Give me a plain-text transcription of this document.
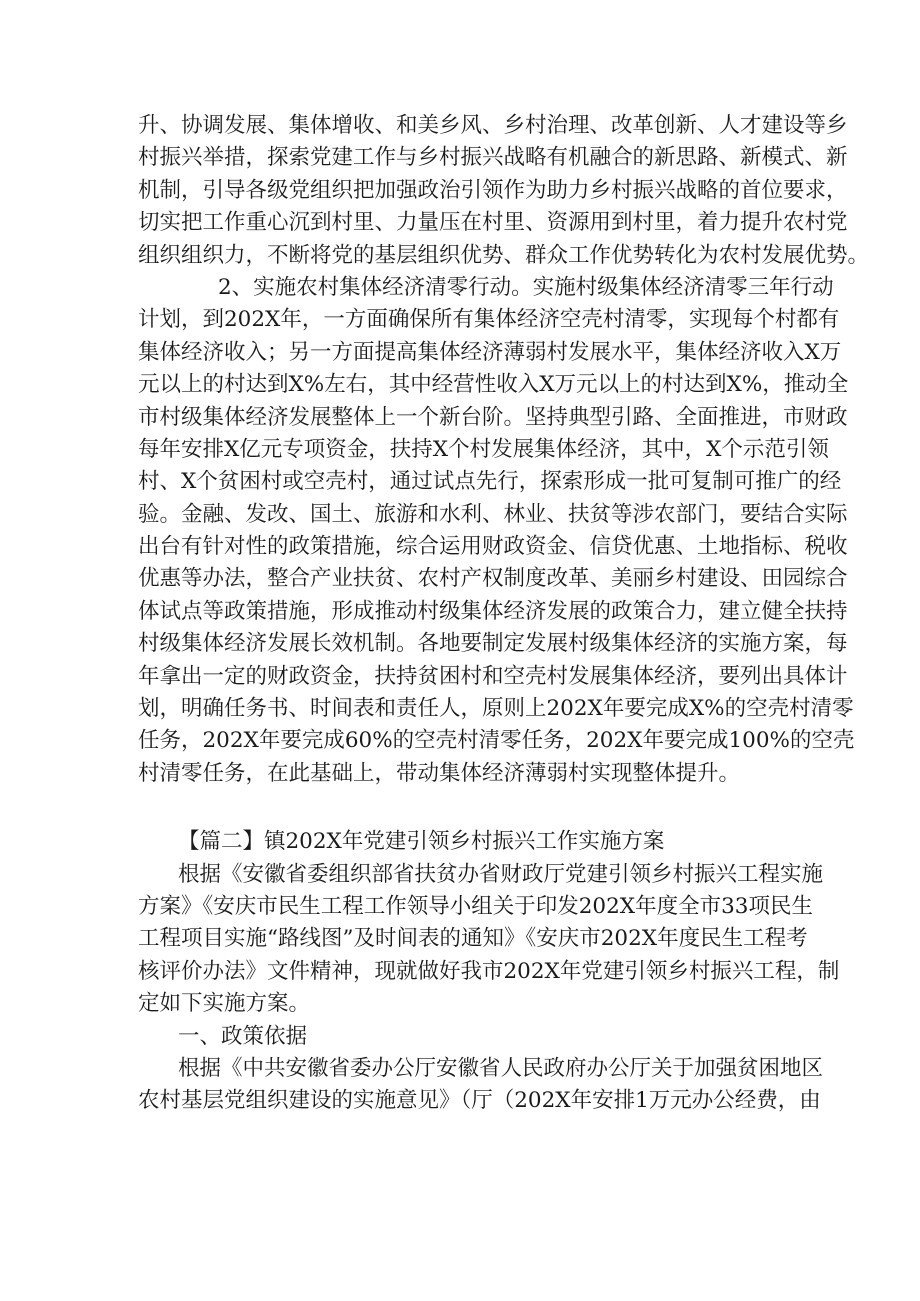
升、协调发展、集体增收、和美乡风、乡村治理、改革创新、人才建设等乡
村振兴举措，探索党建工作与乡村振兴战略有机融合的新思路、新模式、新
机制，引导各级党组织把加强政治引领作为助力乡村振兴战略的首位要求，
切实把工作重心沉到村里、力量压在村里、资源用到村里，着力提升农村党
组织组织力，不断将党的基层组织优势、群众工作优势转化为农村发展优势。
2、实施农村集体经济清零行动。实施村级集体经济清零三年行动
计划，到202X年，一方面确保所有集体经济空壳村清零，实现每个村都有
集体经济收入；另一方面提高集体经济薄弱村发展水平，集体经济收入X万
元以上的村达到X%左右，其中经营性收入X万元以上的村达到X%，推动全
市村级集体经济发展整体上一个新台阶。坚持典型引路、全面推进，市财政
每年安排X亿元专项资金，扶持X个村发展集体经济，其中，X个示范引领
村、X个贫困村或空壳村，通过试点先行，探索形成一批可复制可推广的经
验。金融、发改、国土、旅游和水利、林业、扶贫等涉农部门，要结合实际
出台有针对性的政策措施，综合运用财政资金、信贷优惠、土地指标、税收
优惠等办法，整合产业扶贫、农村产权制度改革、美丽乡村建设、田园综合
体试点等政策措施，形成推动村级集体经济发展的政策合力，建立健全扶持
村级集体经济发展长效机制。各地要制定发展村级集体经济的实施方案，每
年拿出一定的财政资金，扶持贫困村和空壳村发展集体经济，要列出具体计
划，明确任务书、时间表和责任人，原则上202X年要完成X%的空壳村清零
任务，202X年要完成60%的空壳村清零任务，202X年要完成100%的空壳
村清零任务，在此基础上，带动集体经济薄弱村实现整体提升。
【篇二】镇202X年党建引领乡村振兴工作实施方案
根据《安徽省委组织部省扶贫办省财政厅党建引领乡村振兴工程实施
方案》《安庆市民生工程工作领导小组关于印发202X年度全市33项民生
工程项目实施“路线图”及时间表的通知》《安庆市202X年度民生工程考
核评价办法》文件精神，现就做好我市202X年党建引领乡村振兴工程，制
定如下实施方案。
一、政策依据
根据《中共安徽省委办公厅安徽省人民政府办公厅关于加强贫困地区
农村基层党组织建设的实施意见》（厅（202X年安排1万元办公经费，由
